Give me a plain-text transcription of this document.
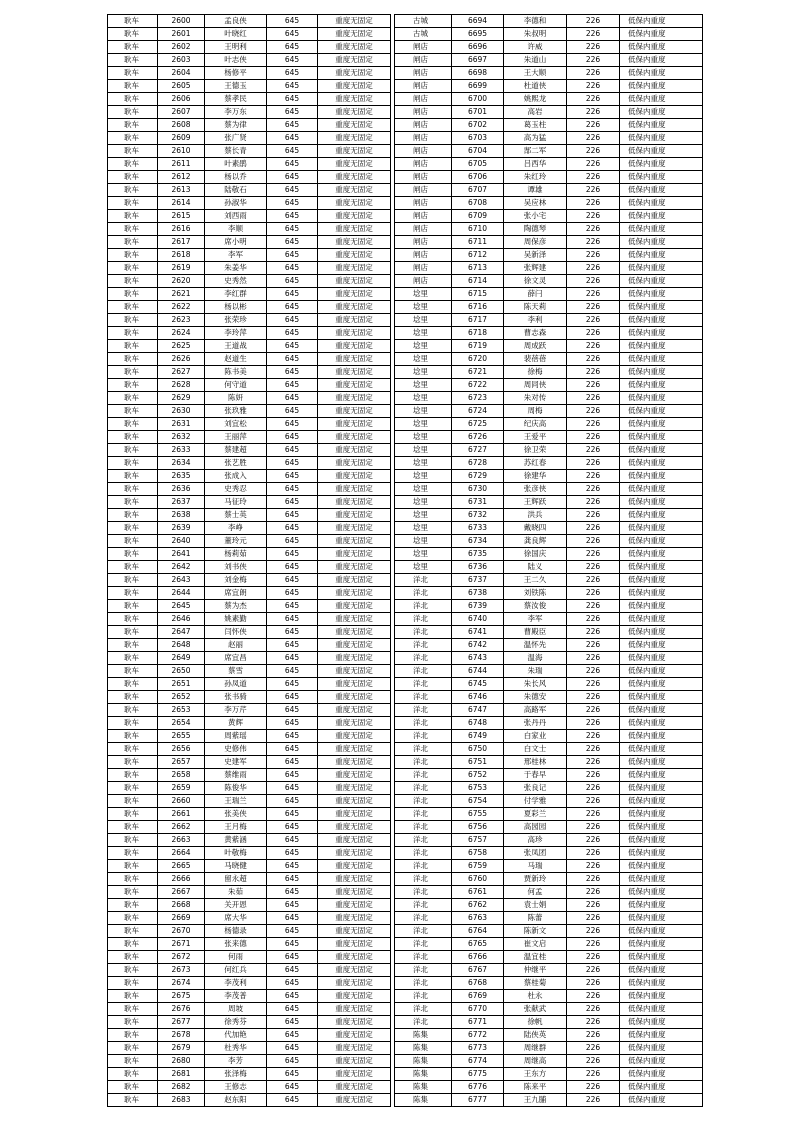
耿车	2600	孟良侠	645	重度无固定
耿车	2601	叶晓红	645	重度无固定
耿车	2602	王明利	645	重度无固定
耿车	2603	叶志侠	645	重度无固定
耿车	2604	杨修平	645	重度无固定
耿车	2605	王德玉	645	重度无固定
耿车	2606	蔡孝民	645	重度无固定
耿车	2607	李万东	645	重度无固定
耿车	2608	蔡为律	645	重度无固定
耿车	2609	张广贤	645	重度无固定
耿车	2610	蔡长青	645	重度无固定
耿车	2611	叶素鹃	645	重度无固定
耿车	2612	杨以乔	645	重度无固定
耿车	2613	陆敬石	645	重度无固定
耿车	2614	孙淑华	645	重度无固定
耿车	2615	刘西雨	645	重度无固定
耿车	2616	李顺	645	重度无固定
耿车	2617	席小明	645	重度无固定
耿车	2618	李军	645	重度无固定
耿车	2619	朱姜华	645	重度无固定
耿车	2620	史秀然	645	重度无固定
耿车	2621	李红群	645	重度无固定
耿车	2622	杨以彬	645	重度无固定
耿车	2623	张荣珍	645	重度无固定
耿车	2624	李玲萍	645	重度无固定
耿车	2625	王道战	645	重度无固定
耿车	2626	赵道生	645	重度无固定
耿车	2627	陈书美	645	重度无固定
耿车	2628	何守道	645	重度无固定
耿车	2629	陈妍	645	重度无固定
耿车	2630	张玖雅	645	重度无固定
耿车	2631	刘宜松	645	重度无固定
耿车	2632	王丽萍	645	重度无固定
耿车	2633	蔡建超	645	重度无固定
耿车	2634	张艺胜	645	重度无固定
耿车	2635	张成入	645	重度无固定
耿车	2636	史秀忍	645	重度无固定
耿车	2637	马征玲	645	重度无固定
耿车	2638	蔡士英	645	重度无固定
耿车	2639	李峥	645	重度无固定
耿车	2640	董玲元	645	重度无固定
耿车	2641	杨莉茹	645	重度无固定
耿车	2642	刘书侠	645	重度无固定
耿车	2643	刘金梅	645	重度无固定
耿车	2644	席宜朗	645	重度无固定
耿车	2645	蔡为杰	645	重度无固定
耿车	2646	姚素勤	645	重度无固定
耿车	2647	闫怀侠	645	重度无固定
耿车	2648	赵丽	645	重度无固定
耿车	2649	席宜昌	645	重度无固定
耿车	2650	蔡雪	645	重度无固定
耿车	2651	孙凤道	645	重度无固定
耿车	2652	张书骑	645	重度无固定
耿车	2653	李万芹	645	重度无固定
耿车	2654	黄辉	645	重度无固定
耿车	2655	周紫瑶	645	重度无固定
耿车	2656	史修伟	645	重度无固定
耿车	2657	史建军	645	重度无固定
耿车	2658	蔡维雨	645	重度无固定
耿车	2659	陈俊华	645	重度无固定
耿车	2660	王瑞兰	645	重度无固定
耿车	2661	张美侠	645	重度无固定
耿车	2662	王月梅	645	重度无固定
耿车	2663	黄紫涵	645	重度无固定
耿车	2664	叶敬梅	645	重度无固定
耿车	2665	马晓健	645	重度无固定
耿车	2666	留永超	645	重度无固定
耿车	2667	朱茹	645	重度无固定
耿车	2668	关开恩	645	重度无固定
耿车	2669	席大华	645	重度无固定
耿车	2670	杨德录	645	重度无固定
耿车	2671	张来德	645	重度无固定
耿车	2672	何雨	645	重度无固定
耿车	2673	何红兵	645	重度无固定
耿车	2674	李茂利	645	重度无固定
耿车	2675	李茂普	645	重度无固定
耿车	2676	周坡	645	重度无固定
耿车	2677	徐秀芬	645	重度无固定
耿车	2678	代加艳	645	重度无固定
耿车	2679	杜秀华	645	重度无固定
耿车	2680	李芳	645	重度无固定
耿车	2681	张泽梅	645	重度无固定
耿车	2682	王修志	645	重度无固定
耿车	2683	赵东阳	645	重度无固定
古城	6694	李德和	226	低保内重度
古城	6695	朱叔明	226	低保内重度
闸店	6696	许威	226	低保内重度
闸店	6697	朱道山	226	低保内重度
闸店	6698	王大顺	226	低保内重度
闸店	6699	杜道侠	226	低保内重度
闸店	6700	姚熙龙	226	低保内重度
闸店	6701	高岩	226	低保内重度
闸店	6702	葛玉柱	226	低保内重度
闸店	6703	高为猛	226	低保内重度
闸店	6704	郜二军	226	低保内重度
闸店	6705	吕西华	226	低保内重度
闸店	6706	朱红玲	226	低保内重度
闸店	6707	谭雄	226	低保内重度
闸店	6708	吴应林	226	低保内重度
闸店	6709	张小宅	226	低保内重度
闸店	6710	陶德琴	226	低保内重度
闸店	6711	周保彦	226	低保内重度
闸店	6712	吴新泽	226	低保内重度
闸店	6713	张辉建	226	低保内重度
闸店	6714	徐文灵	226	低保内重度
埝里	6715	薛闩	226	低保内重度
埝里	6716	陈天莉	226	低保内重度
埝里	6717	李利	226	低保内重度
埝里	6718	曹志森	226	低保内重度
埝里	6719	周成跃	226	低保内重度
埝里	6720	裴蓓蓓	226	低保内重度
埝里	6721	徐梅	226	低保内重度
埝里	6722	周同侠	226	低保内重度
埝里	6723	朱对传	226	低保内重度
埝里	6724	周梅	226	低保内重度
埝里	6725	纪庆高	226	低保内重度
埝里	6726	王爱平	226	低保内重度
埝里	6727	徐卫荣	226	低保内重度
埝里	6728	苏红春	226	低保内重度
埝里	6729	徐建华	226	低保内重度
埝里	6730	张彦侠	226	低保内重度
埝里	6731	王辉跃	226	低保内重度
埝里	6732	洪兵	226	低保内重度
埝里	6733	戴晓四	226	低保内重度
埝里	6734	龚良辉	226	低保内重度
埝里	6735	徐国庆	226	低保内重度
埝里	6736	陆义	226	低保内重度
洋北	6737	王二久	226	低保内重度
洋北	6738	刘铁陈	226	低保内重度
洋北	6739	蔡汝俊	226	低保内重度
洋北	6740	李军	226	低保内重度
洋北	6741	曹殿臣	226	低保内重度
洋北	6742	温怀先	226	低保内重度
洋北	6743	温海	226	低保内重度
洋北	6744	朱瑞	226	低保内重度
洋北	6745	朱长风	226	低保内重度
洋北	6746	朱德安	226	低保内重度
洋北	6747	高路军	226	低保内重度
洋北	6748	张丹丹	226	低保内重度
洋北	6749	白家业	226	低保内重度
洋北	6750	白文士	226	低保内重度
洋北	6751	邢桂林	226	低保内重度
洋北	6752	于春早	226	低保内重度
洋北	6753	张良记	226	低保内重度
洋北	6754	付学雅	226	低保内重度
洋北	6755	夏彩兰	226	低保内重度
洋北	6756	高园园	226	低保内重度
洋北	6757	高珍	226	低保内重度
洋北	6758	张凤团	226	低保内重度
洋北	6759	马瑞	226	低保内重度
洋北	6760	贾新玲	226	低保内重度
洋北	6761	何孟	226	低保内重度
洋北	6762	袁士娟	226	低保内重度
洋北	6763	陈蕾	226	低保内重度
洋北	6764	陈新文	226	低保内重度
洋北	6765	崔文启	226	低保内重度
洋北	6766	温宜桂	226	低保内重度
洋北	6767	仲继平	226	低保内重度
洋北	6768	蔡桂菊	226	低保内重度
洋北	6769	杜永	226	低保内重度
洋北	6770	张献武	226	低保内重度
洋北	6771	徐帆	226	低保内重度
陈集	6772	陆侠英	226	低保内重度
陈集	6773	周继群	226	低保内重度
陈集	6774	周继高	226	低保内重度
陈集	6775	王东方	226	低保内重度
陈集	6776	陈来平	226	低保内重度
陈集	6777	王九脯	226	低保内重度
